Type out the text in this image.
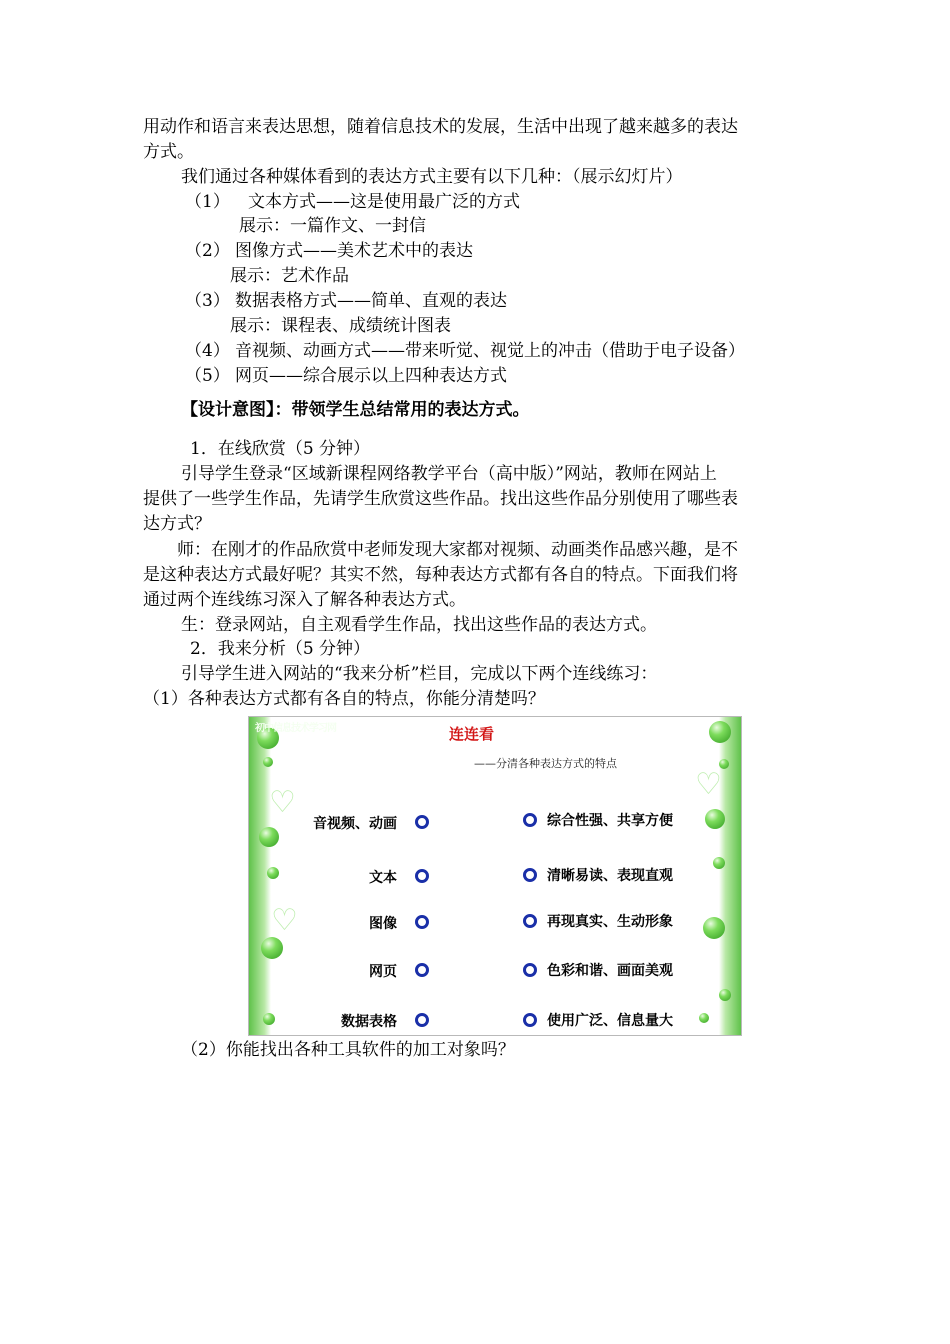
用动作和语言来表达思想，随着信息技术的发展，生活中出现了越来越多的表达
方式。
我们通过各种媒体看到的表达方式主要有以下几种：（展示幻灯片）
（1） 文本方式——这是使用最广泛的方式
展示：一篇作文、一封信
（2） 图像方式——美术艺术中的表达
展示：艺术作品
（3） 数据表格方式——简单、直观的表达
展示：课程表、成绩统计图表
（4） 音视频、动画方式——带来听觉、视觉上的冲击（借助于电子设备）
（5） 网页——综合展示以上四种表达方式
【设计意图】：带领学生总结常用的表达方式。
1．在线欣赏（5 分钟）
引导学生登录“区域新课程网络教学平台（高中版）”网站，教师在网站上
提供了一些学生作品，先请学生欣赏这些作品。找出这些作品分别使用了哪些表
达方式？
师：在刚才的作品欣赏中老师发现大家都对视频、动画类作品感兴趣，是不
是这种表达方式最好呢？其实不然，每种表达方式都有各自的特点。下面我们将
通过两个连线练习深入了解各种表达方式。
生：登录网站，自主观看学生作品，找出这些作品的表达方式。
2．我来分析（5 分钟）
引导学生进入网站的“我来分析”栏目，完成以下两个连线练习：
（1）各种表达方式都有各自的特点，你能分清楚吗？
♡
♡
♡
初中信息技术学习网	连连看
——分清各种表达方式的特点
音视频、动画
文本
图像
网页
数据表格
综合性强、共享方便
清晰易读、表现直观
再现真实、生动形象
色彩和谐、画面美观
使用广泛、信息量大
（2）你能找出各种工具软件的加工对象吗？
